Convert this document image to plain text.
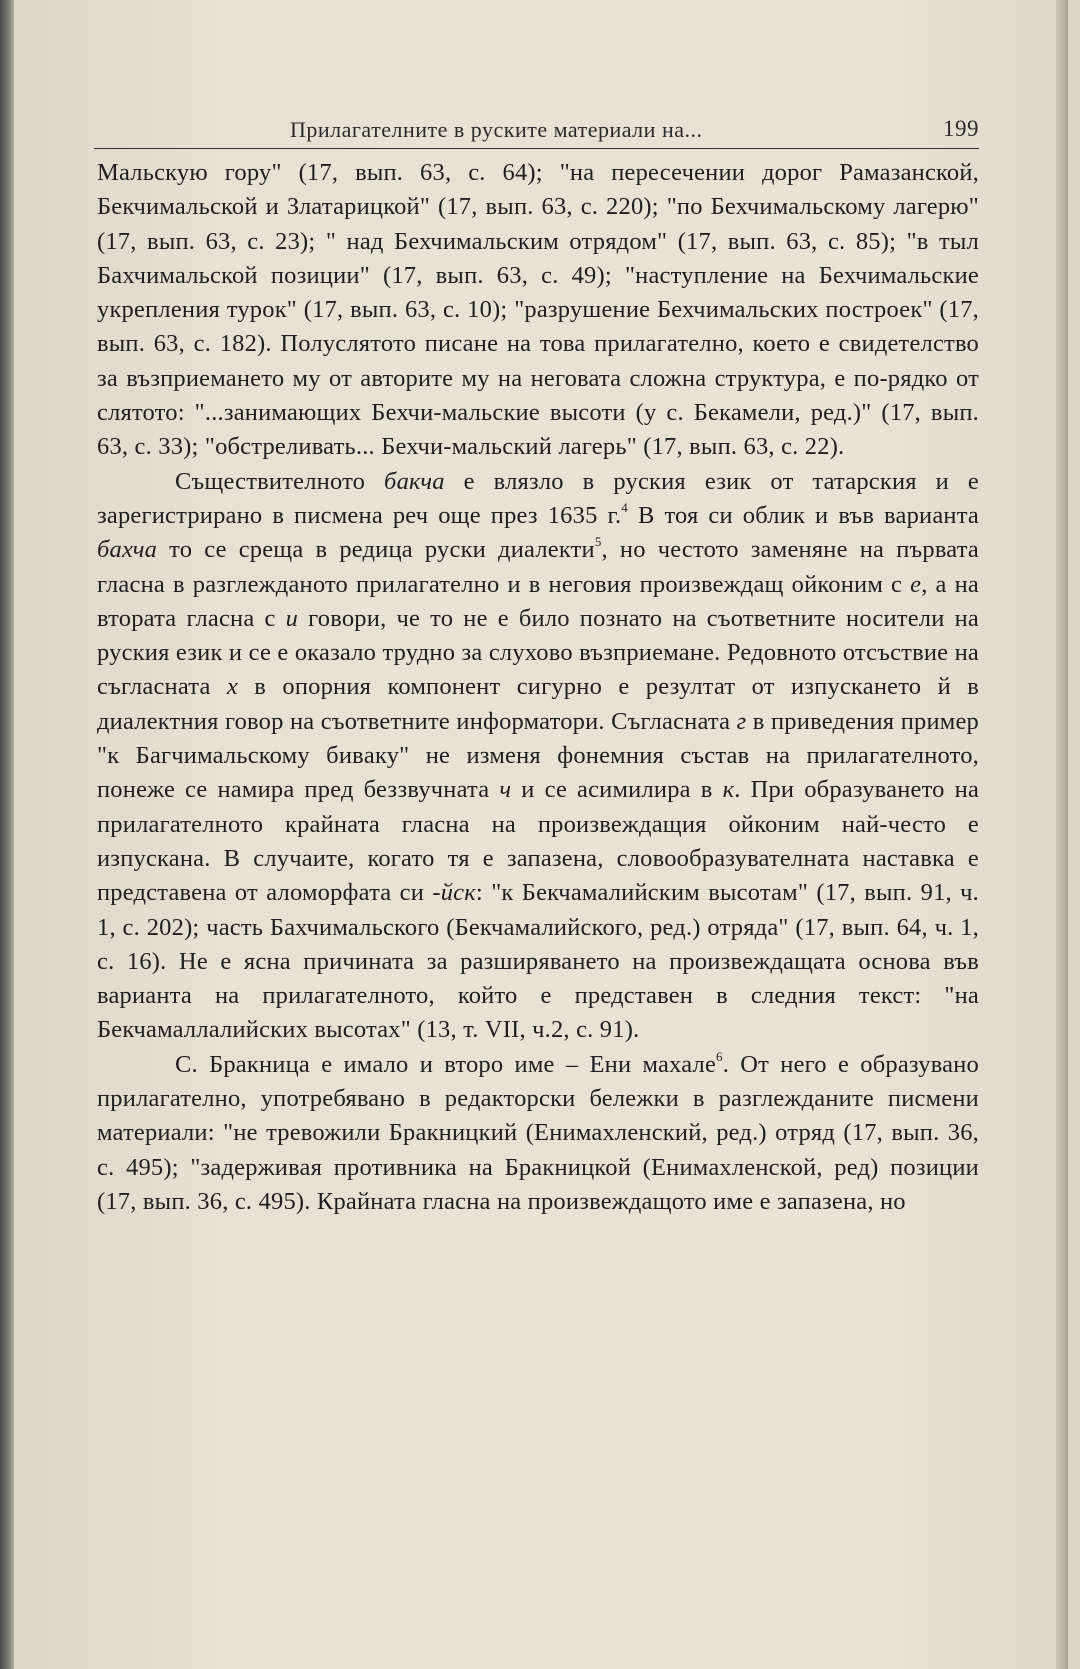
Прилагателните в руските материали на...	199

Мальскую гору" (17, вып. 63, с. 64); "на пересечении дорог Рамазанской, Бекчимальской и Златарицкой" (17, вып. 63, с. 220); "по Бехчимальскому лагерю" (17, вып. 63, с. 23); " над Бехчимальским отрядом" (17, вып. 63, с. 85); "в тыл Бахчимальской позиции" (17, вып. 63, с. 49); "наступление на Бехчимальские укрепления турок" (17, вып. 63, с. 10); "разрушение Бехчимальских построек" (17, вып. 63, с. 182). Полуслятото писане на това прилагателно, което е свидетелство за възприемането му от авторите му на неговата сложна структура, е по-рядко от слятото: "...занимающих Бехчи-мальские высоти (у с. Бекамели, ред.)" (17, вып. 63, с. 33); "обстреливать... Бехчи-мальский лагерь" (17, вып. 63, с. 22).

Съществителното бакча е влязло в руския език от татарския и е зарегистрирано в писмена реч още през 1635 г.$^4$ В тоя си облик и във варианта бахча то се среща в редица руски диалекти$^5$, но честото заменяне на първата гласна в разглежданото прилагателно и в неговия произвеждащ ойконим с е, а на втората гласна с и говори, че то не е било познато на съответните носители на руския език и се е оказало трудно за слухово възприемане. Редовното отсъствие на съгласната х в опорния компонент сигурно е резултат от изпускането й в диалектния говор на съответните информатори. Съгласната г в приведения пример "к Багчимальскому бивaку" не изменя фонемния състав на прилагателното, понеже се намира пред беззвучната ч и се асимилира в к. При образуването на прилагателното крайната гласна на произвеждащия ойконим най-често е изпускана. В случаите, когато тя е запазена, словообразувателната наставка е представена от аломорфата си -йск: "к Бекчамалийским высотам" (17, вып. 91, ч. 1, с. 202); часть Бахчимальского (Бекчамалийского, ред.) отряда" (17, вып. 64, ч. 1, с. 16). Не е ясна причината за разширяването на произвеждащата основа във варианта на прилагателното, който е представен в следния текст: "на Бекчамаллалийских высотах" (13, т. VII, ч.2, с. 91).

С. Бракница е имало и второ име – Ени махале$^6$. От него е образувано прилагателно, употребявано в редакторски бележки в разглежданите писмени материали: "не тревожили Бракницкий (Енимахленский, ред.) отряд (17, вып. 36, с. 495); "задерживая противника на Бракницкой (Енимахленской, ред) позиции (17, вып. 36, с. 495). Крайната гласна на произвеждащото име е запазена, но
